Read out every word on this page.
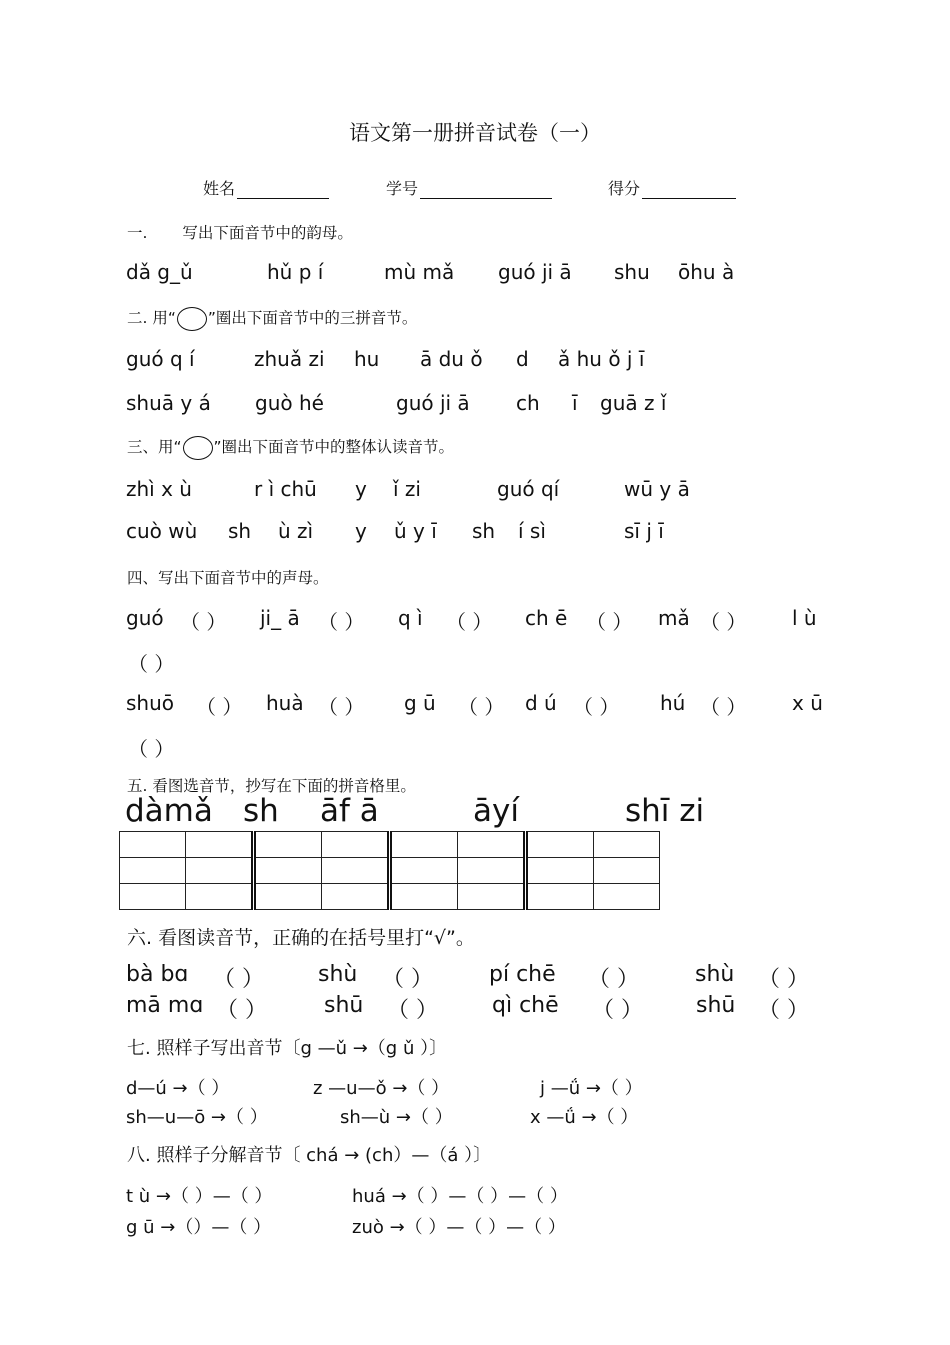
语文第一册拼音试卷（一）
姓名	学号	得分
一. 写出下面音节中的韵母。
dǎ g_ǔ	hǔ p í	mù mǎ guó ji ā shu ōhu à
二. 用“ ”圈出下面音节中的三拼音节。
guó q í	zhuǎ zi hu ā du ǒ d ǎ hu ǒ j ī
shuā y á guò hé	guó ji ā ch ī guā z ǐ
三、用“ ”圈出下面音节中的整体认读音节。
zhì x ù	r ì chū y ǐ zi	guó qí	wū y ā
cuò wù sh ù zì y ǔ y ī sh í sì	sī j ī
四、写出下面音节中的声母。
guó （ ） ji_ ā （ ） q ì （ ） ch ē （ ） mǎ （ ） l ù
（ ）
shuō （ ） huà （ ） g ū （ ） d ú （ ） hú （ ） x ū
（ ）
五. 看图选音节，抄写在下面的拼音格里。
dàmǎ sh āf ā	āyí	shī zi

六. 看图读音节，正确的在括号里打“√”。
bà bɑ （ ） shù （ ）	pí chē （ ）	shù （ ）
mā mɑ （ ）	shū （ ） qì chē （ ） shū （ ）
七. 照样子写出音节〔g —ǔ →（g ǔ ）〕
d—ú →（ ）	z —u—ǒ →（ ）	j —ǘ →（ ）
sh—u—ō →（ ）	sh—ù →（ ）	x —ǘ →（ ）
八. 照样子分解音节〔 chá → (ch）—（á ）〕
t ù →（ ）—（ ）	huá →（ ）—（ ）—（ ）
g ū →（）—（ ）	zuò →（ ）—（ ）—（ ）
